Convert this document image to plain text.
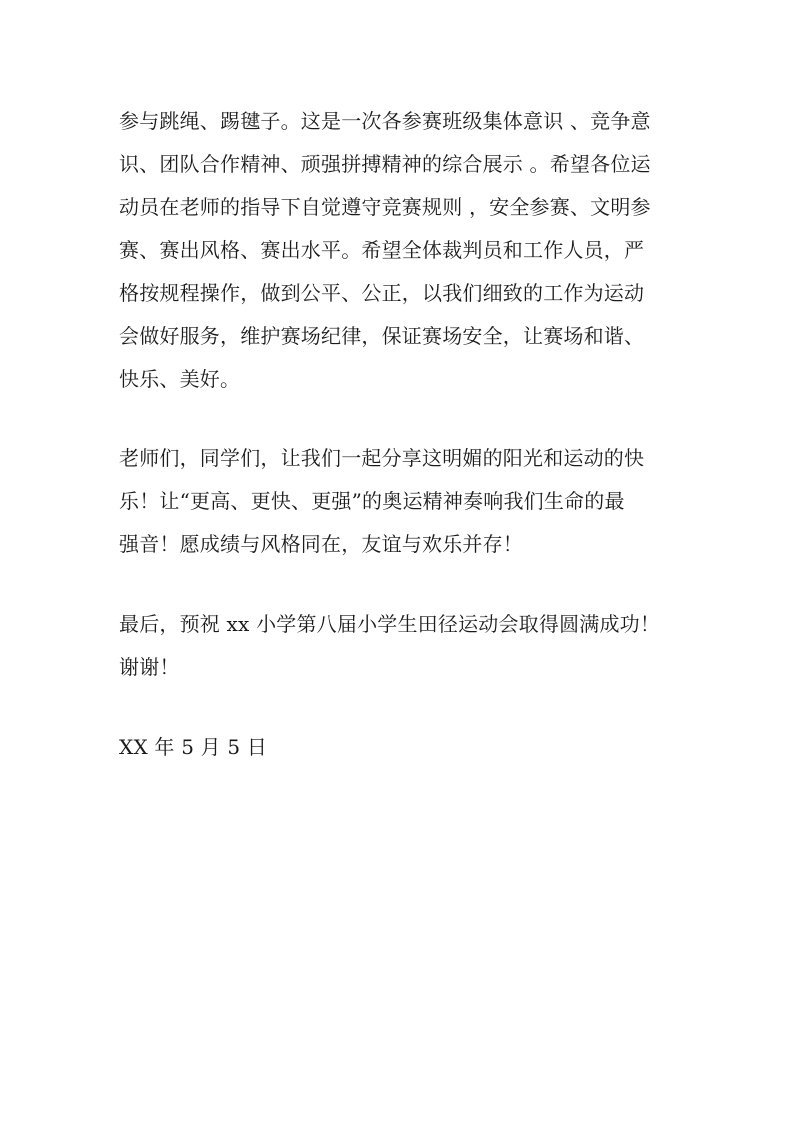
参与跳绳、踢毽子。这是一次各参赛班级集体意识 、竞争意

识、团队合作精神、顽强拼搏精神的综合展示 。希望各位运

动员在老师的指导下自觉遵守竞赛规则 ，安全参赛、文明参

赛、赛出风格、赛出水平。希望全体裁判员和工作人员，严

格按规程操作，做到公平、公正，以我们细致的工作为运动

会做好服务，维护赛场纪律，保证赛场安全，让赛场和谐、

快乐、美好。

老师们，同学们，让我们一起分享这明媚的阳光和运动的快

乐！让“更高、更快、更强”的奥运精神奏响我们生命的最

强音！愿成绩与风格同在，友谊与欢乐并存！

最后，预祝 xx 小学第八届小学生田径运动会取得圆满成功！

谢谢！

XX 年 5 月 5 日
